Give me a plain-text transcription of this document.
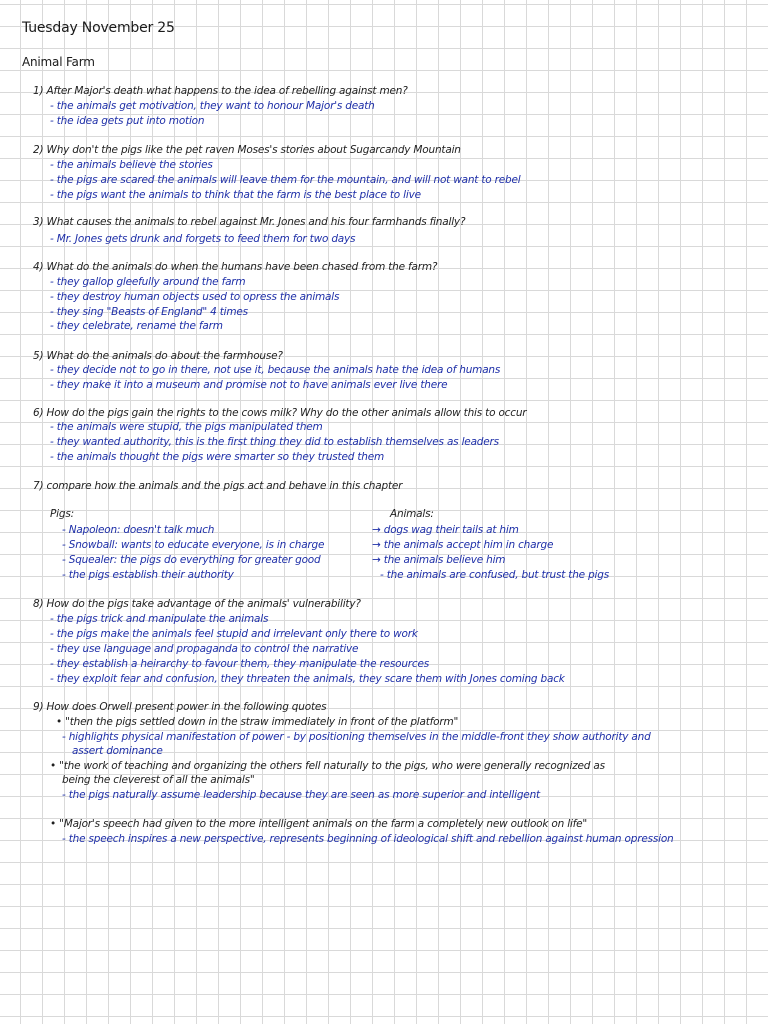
Tuesday November 25
Animal Farm
1) After Major's death what happens to the idea of rebelling against men?
- the animals get motivation, they want to honour Major's death
- the idea gets put into motion
2) Why don't the pigs like the pet raven Moses's stories about Sugarcandy Mountain
- the animals believe the stories
- the pigs are scared the animals will leave them for the mountain, and will not want to rebel
- the pigs want the animals to think that the farm is the best place to live
3) What causes the animals to rebel against Mr. Jones and his four farmhands finally?
- Mr. Jones gets drunk and forgets to feed them for two days
4) What do the animals do when the humans have been chased from the farm?
- they gallop gleefully around the farm
- they destroy human objects used to opress the animals
- they sing "Beasts of England" 4 times
- they celebrate, rename the farm
5) What do the animals do about the farmhouse?
- they decide not to go in there, not use it, because the animals hate the idea of humans
- they make it into a museum and promise not to have animals ever live there
6) How do the pigs gain the rights to the cows milk? Why do the other animals allow this to occur
- the animals were stupid, the pigs manipulated them
- they wanted authority, this is the first thing they did to establish themselves as leaders
- the animals thought the pigs were smarter so they trusted them
7) compare how the animals and the pigs act and behave in this chapter
Pigs:
- Napoleon: doesn't talk much
- Snowball: wants to educate everyone, is in charge
- Squealer: the pigs do everything for greater good
- the pigs establish their authority
Animals:
→ dogs wag their tails at him
→ the animals accept him in charge
→ the animals believe him
- the animals are confused, but trust the pigs
8) How do the pigs take advantage of the animals' vulnerability?
- the pigs trick and manipulate the animals
- the pigs make the animals feel stupid and irrelevant only there to work
- they use language and propaganda to control the narrative
- they establish a heirarchy to favour them, they manipulate the resources
- they exploit fear and confusion, they threaten the animals, they scare them with Jones coming back
9) How does Orwell present power in the following quotes
• "then the pigs settled down in the straw immediately in front of the platform"
- highlights physical manifestation of power - by positioning themselves in the middle-front they show authority and
assert dominance
• "the work of teaching and organizing the others fell naturally to the pigs, who were generally recognized as
being the cleverest of all the animals"
- the pigs naturally assume leadership because they are seen as more superior and intelligent
• "Major's speech had given to the more intelligent animals on the farm a completely new outlook on life"
- the speech inspires a new perspective, represents beginning of ideological shift and rebellion against human opression
